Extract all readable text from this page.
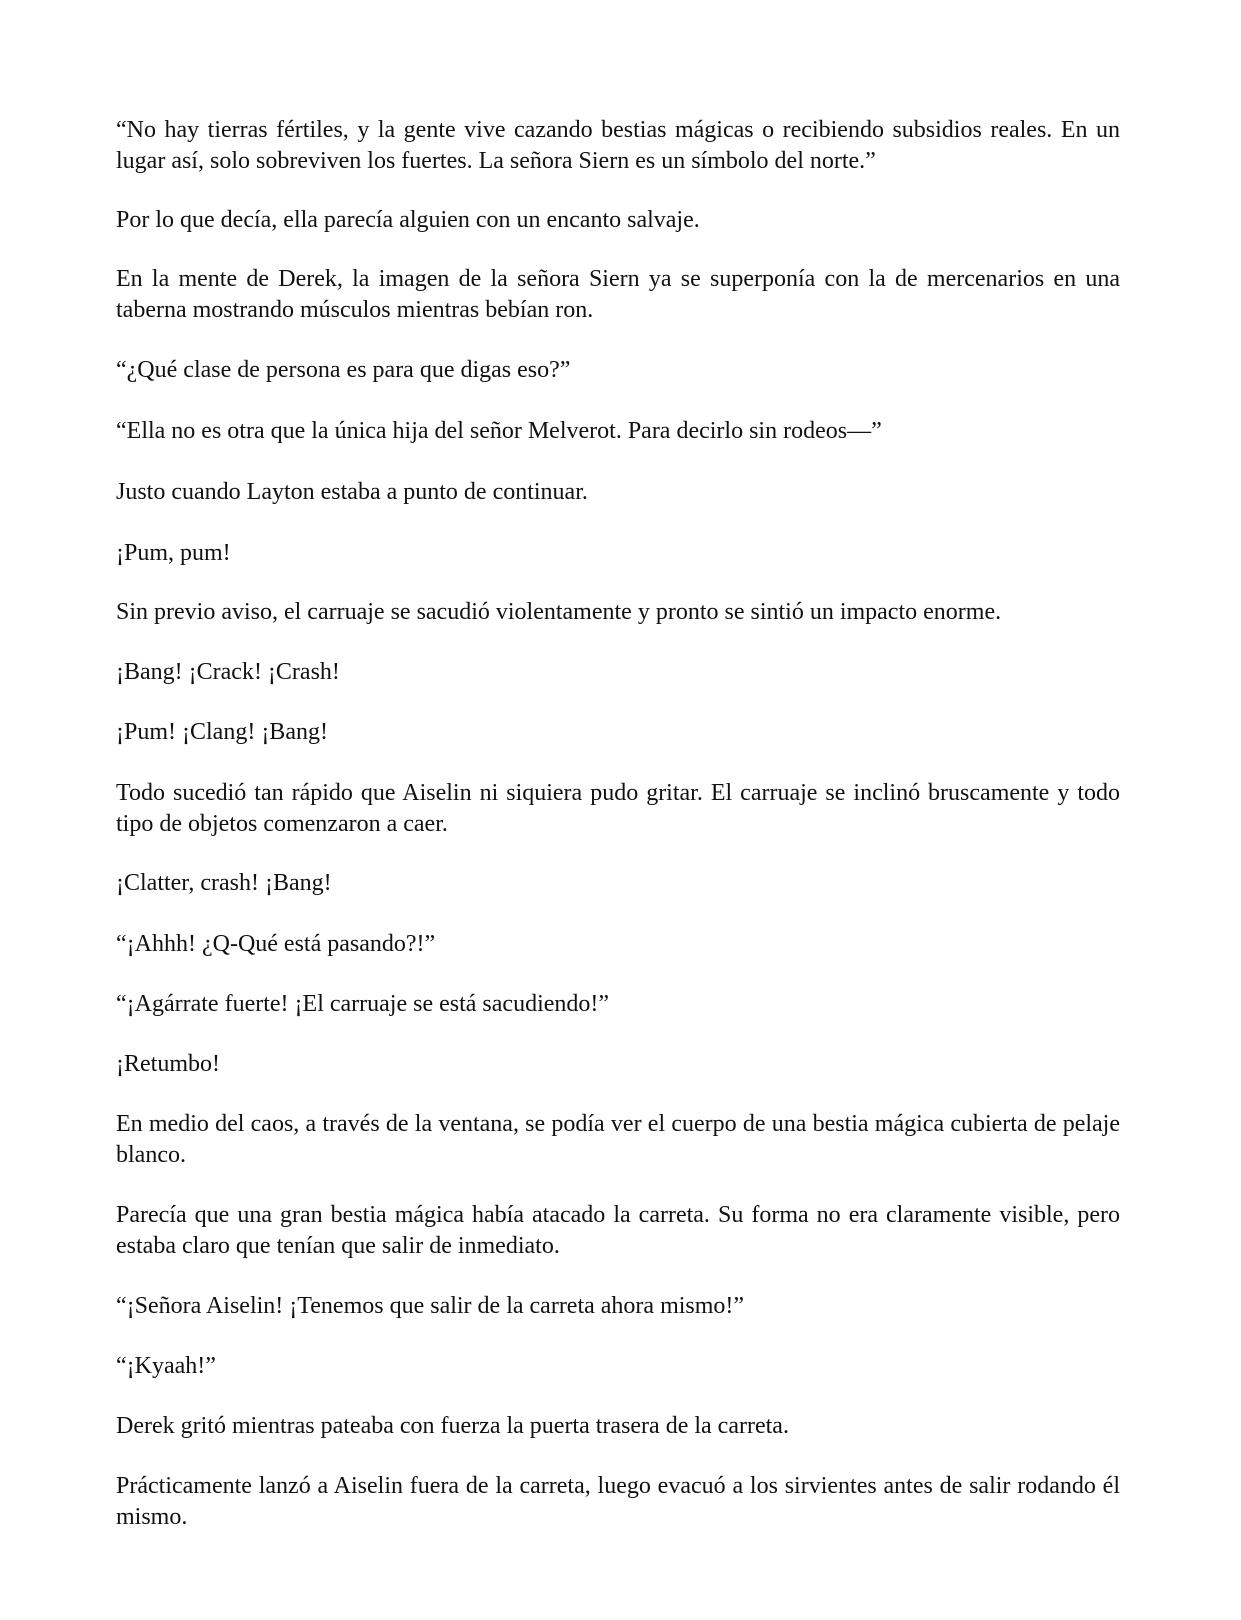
“No hay tierras fértiles, y la gente vive cazando bestias mágicas o recibiendo subsidios reales. En un lugar así, solo sobreviven los fuertes. La señora Siern es un símbolo del norte.”

Por lo que decía, ella parecía alguien con un encanto salvaje.

En la mente de Derek, la imagen de la señora Siern ya se superponía con la de mercenarios en una taberna mostrando músculos mientras bebían ron.

“¿Qué clase de persona es para que digas eso?”

“Ella no es otra que la única hija del señor Melverot. Para decirlo sin rodeos—”

Justo cuando Layton estaba a punto de continuar.

¡Pum, pum!

Sin previo aviso, el carruaje se sacudió violentamente y pronto se sintió un impacto enorme.

¡Bang! ¡Crack! ¡Crash!

¡Pum! ¡Clang! ¡Bang!

Todo sucedió tan rápido que Aiselin ni siquiera pudo gritar. El carruaje se inclinó bruscamente y todo tipo de objetos comenzaron a caer.

¡Clatter, crash! ¡Bang!

“¡Ahhh! ¿Q-Qué está pasando?!”

“¡Agárrate fuerte! ¡El carruaje se está sacudiendo!”

¡Retumbo!

En medio del caos, a través de la ventana, se podía ver el cuerpo de una bestia mágica cubierta de pelaje blanco.

Parecía que una gran bestia mágica había atacado la carreta. Su forma no era claramente visible, pero estaba claro que tenían que salir de inmediato.

“¡Señora Aiselin! ¡Tenemos que salir de la carreta ahora mismo!”

“¡Kyaah!”

Derek gritó mientras pateaba con fuerza la puerta trasera de la carreta.

Prácticamente lanzó a Aiselin fuera de la carreta, luego evacuó a los sirvientes antes de salir rodando él mismo.
